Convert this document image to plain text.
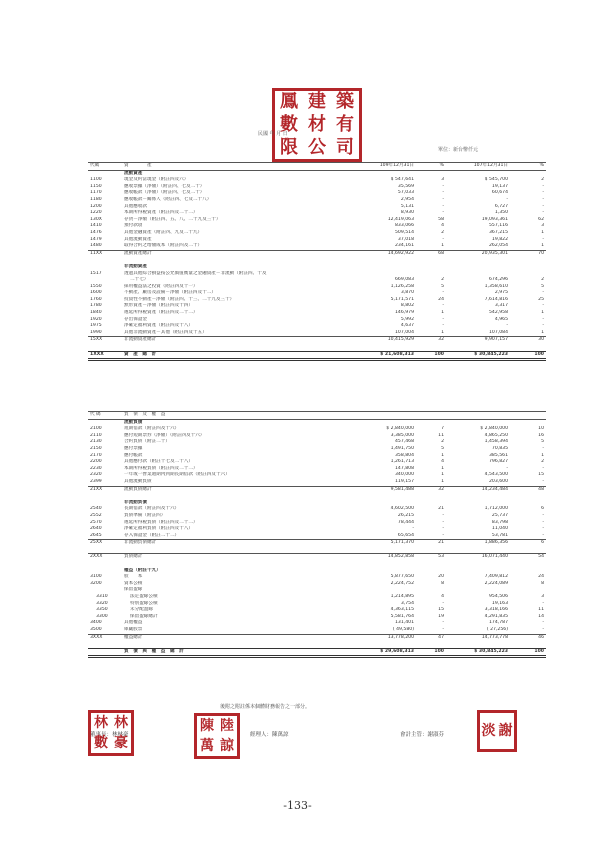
鳳 建 築
數 材 有
限 公 司
民國 年 月 日
單位：新台幣仟元
代碼	資　　　　產	109年12月31日	%	107年12月31日	%
	流動資產				
1100	現金及約當現金（附註四及六）	$ 547,641	3	$ 545,700	2
1150	應收票據（淨額）（附註四、七及二十）	35,569	-	19,137	-
1170	應收帳款（淨額）（附註四、七及二十）	57,033	-	60,674	-
1180	應收帳款－關係人（附註四、七及二十八）	2,954	-	-	-
1200	其他應收款	5,131	-	6,727	-
1220	本期所得稅資產（附註四及二十二）	8,930	-	1,350	-
130X	存貨－淨額（附註四、五、八、二十九及三十）	12,419,063	58	19,093,361	62
1410	預付款項	833,066	4	557,116	3
1476	其他金融資產（附註四、九及二十九）	509,514	2	367,215	1
1479	其他流動資產	37,018	-	19,822	-
1480	取得合約之增額成本（附註四及二十）	234,161	1	262,054	1
11XX	流動資產總計	14,692,922	68	20,935,301	70

	非流動資產				
1517	透過其他綜合損益按公允價值衡量之金融資產－非流動（附註四、十及				
	二十七）	669,083	2	674,296	2
1550	採用權益法之投資（附註四及十一）	1,126,258	5	1,358,610	5
1600	不動產、廠房及設備－淨額（附註四及十二）	3,870	-	2,975	-
1760	投資性不動產－淨額（附註四、十三、二十九及三十）	5,171,571	24	7,614,816	25
1780	無形資產－淨額（附註四及十四）	8,802	-	3,317	-
1840	遞延所得稅資產（附註四及二十二）	146,979	1	542,958	1
1920	存出保證金	5,992	-	4,965	-
1975	淨確定福利資產（附註四及十八）	4,637	-	-	-
1990	其他非流動資產－其他（附註四及十五）	107,004	1	107,084	1
15XX	非流動資產總計	10,415,929	32	9,907,157	30

1XXX	資　產　總　計	$ 21,608,313	100	$ 30,845,223	100
代 碼	負　債　及　權　益				
	流動負債				
2100	短期借款（附註四及十六）	$ 2,840,000	7	$ 2,840,000	10
2110	應付短期票券（淨額）（附註四及十六）	3,385,000	11	4,865,250	16
2130	合約負債（附註二十）	457,468	2	1,458,394	5
2150	應付票據	1,491,750	5	70,835	-
2170	應付帳款	358,804	1	385,561	1
2200	其他應付款（附註十七及二十八）	1,261,713	4	796,827	2
2230	本期所得稅負債（附註四及二十二）	147,808	1	-	-
2320	一年或一營業週期內到期長期借款（附註四及十六）	340,000	1	4,543,500	15
2399	其他流動負債	119,157	1	203,600	-
21XX	流動負債總計	9,581,488	32	14,234,484	48

	非流動負債				
2540	長期借款（附註四及十六）	4,602,500	21	1,712,000	6
2552	負債準備（附註四）	26,215	-	25,737	-
2570	遞延所得稅負債（附註四及二十二）	78,444	-	83,798	-
2640	淨確定福利負債（附註四及十八）	-	-	11,040	-
2645	存入保證金（附註二十二）	65,654	-	53,781	-
25XX	非流動負債總計	5,171,370	21	1,886,356	6

2XXX	負債總計	14,852,858	53	16,071,440	54

	權益（附註十九）				
3100	股　　本	5,877,650	20	7,409,812	24
3200	資本公積	2,224,752	8	2,224,089	8
	保留盈餘				
3310	法定盈餘公積	1,214,895	4	954,506	3
3320	特別盈餘公積	3,754	-	19,163	-
3350	未分配盈餘	4,363,115	15	3,318,166	11
3300	保留盈餘總計	5,581,764	19	4,291,835	14
3400	其他權益	131,401	-	174,787	-
3500	庫藏股票	( 49,580)	-	( 27,256)	-
3XXX	權益總計	13,778,200	47	14,773,778	46

	負　債　與　權　益　總　計	$ 29,608,313	100	$ 30,845,223	100
後附之附註係本個體財務報告之一部分。
董事長：林林豪
林 林
數 豪	經理人：陳萬諒
陳 陸
萬 諒
會計主管：謝淑芬	淡 謝
-133-
